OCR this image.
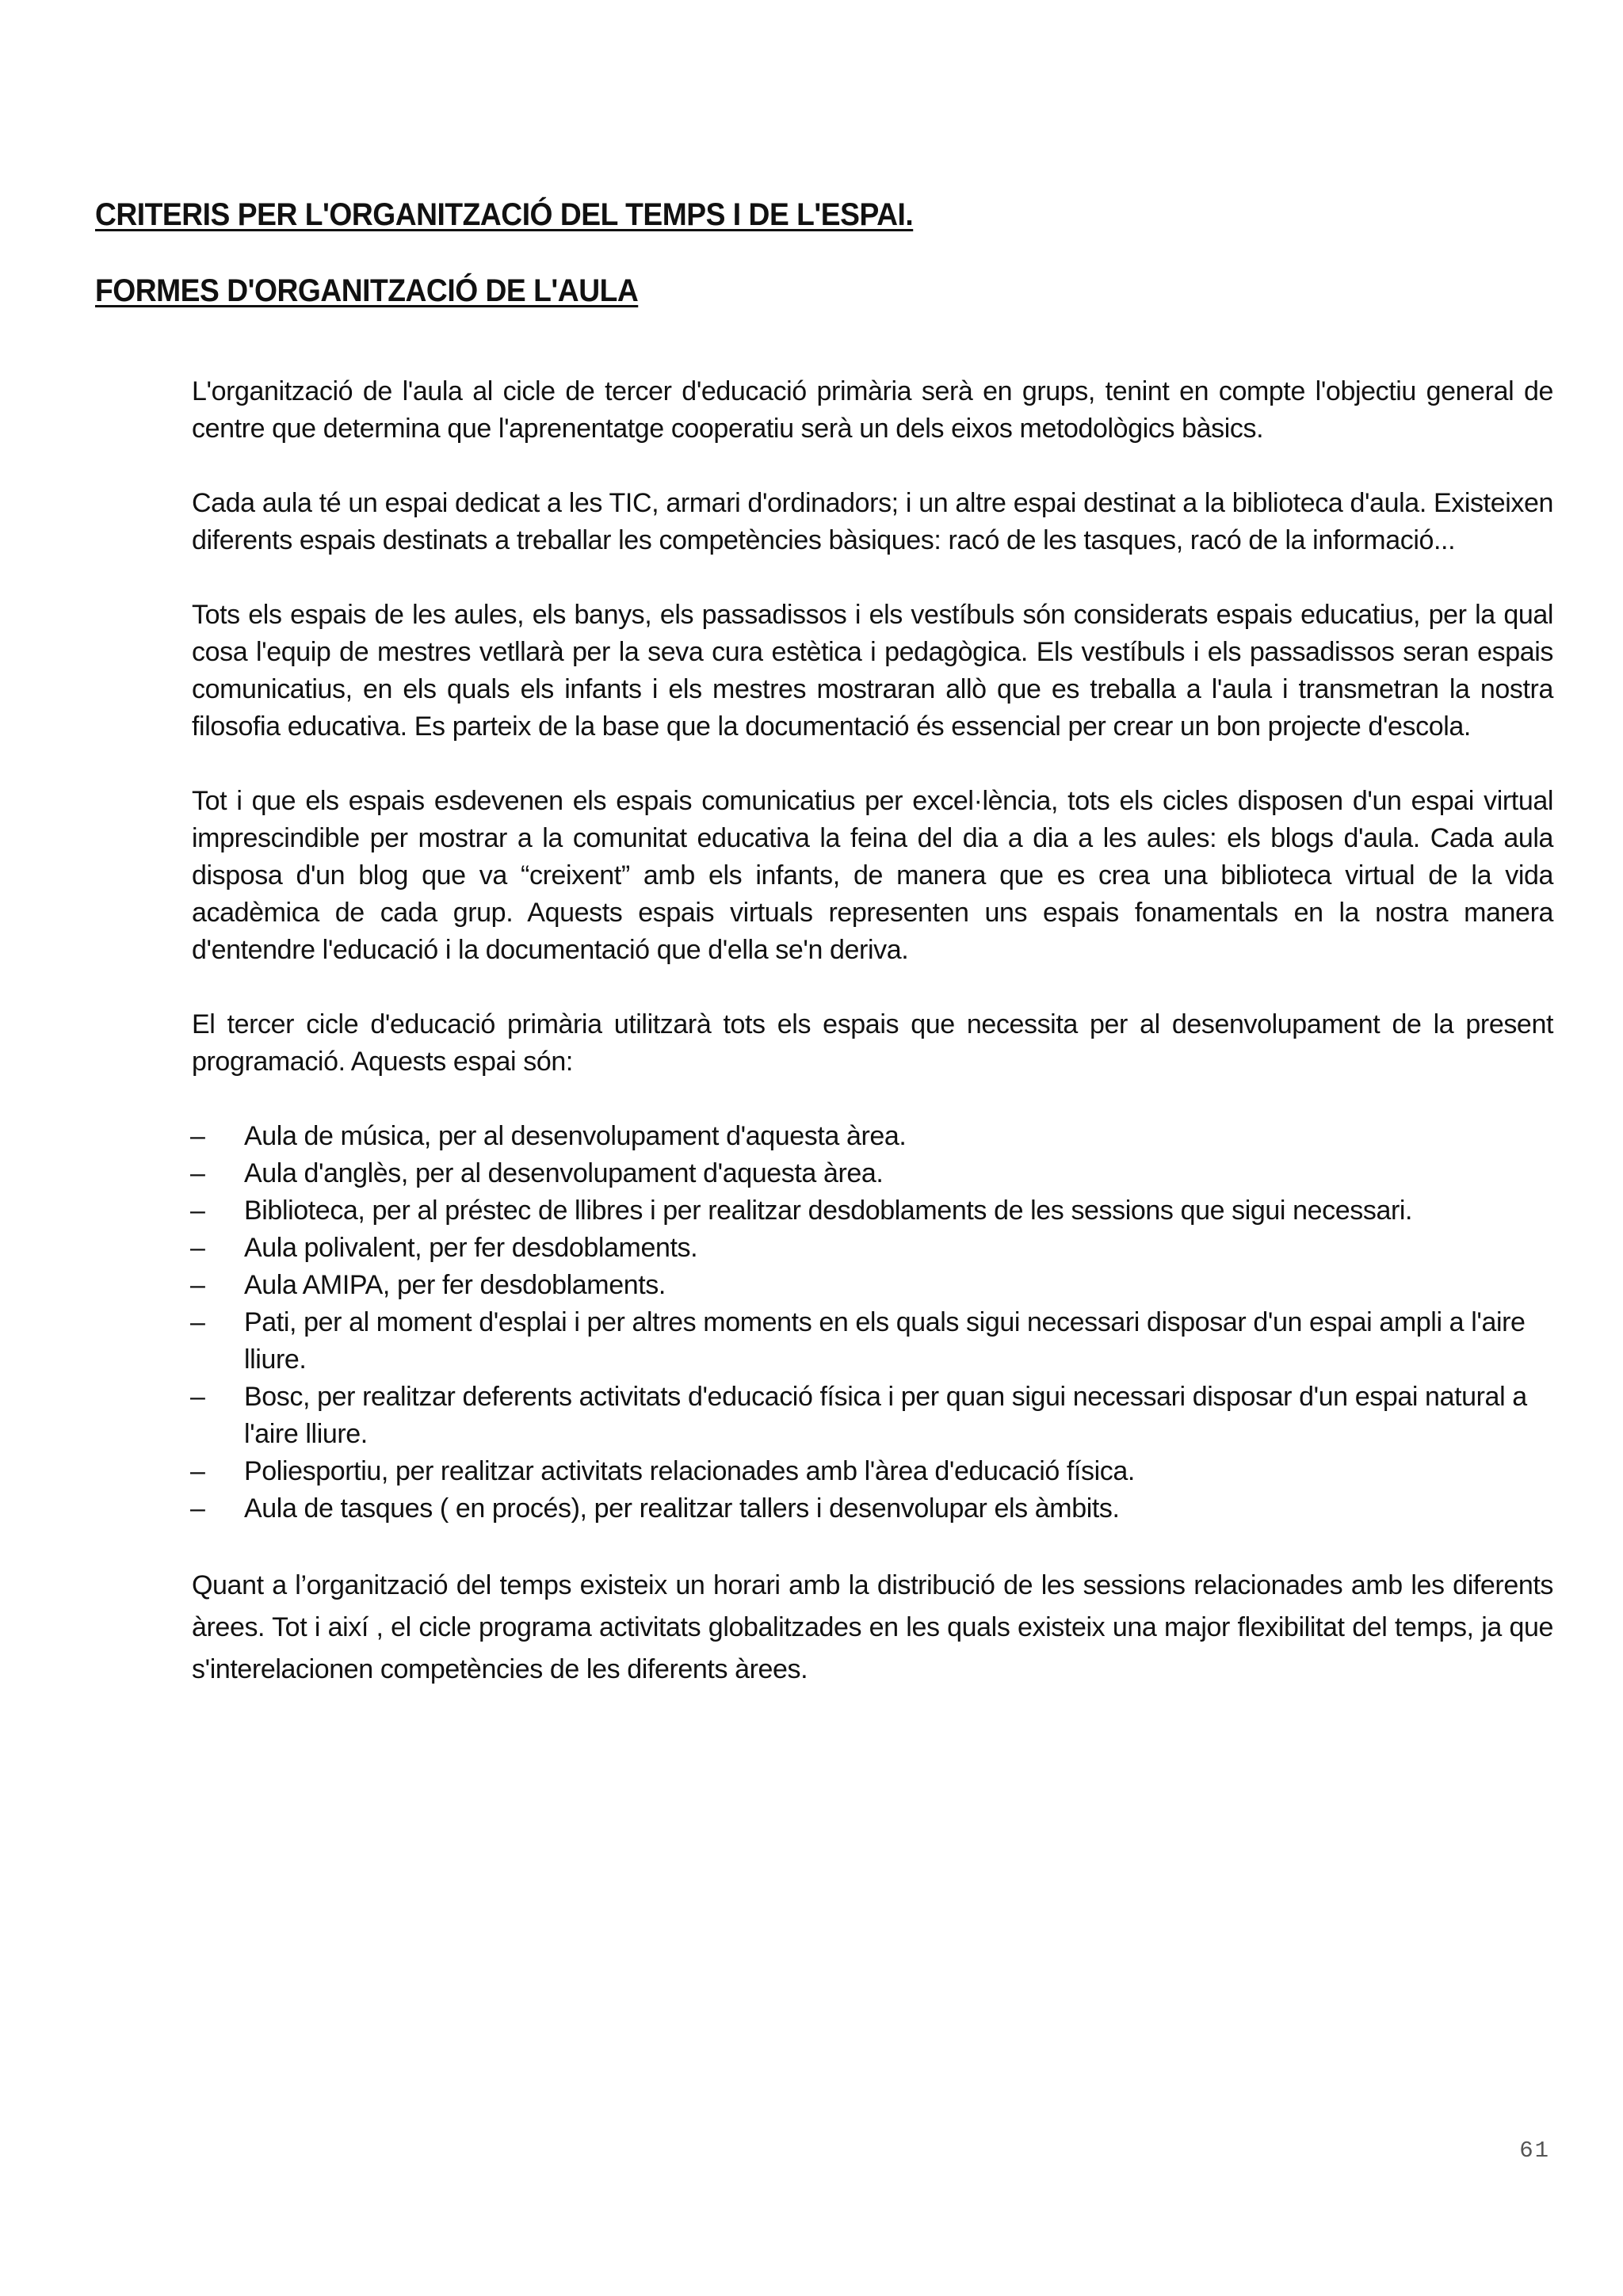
CRITERIS PER L'ORGANITZACIÓ DEL TEMPS I DE L'ESPAI.
FORMES D'ORGANITZACIÓ DE L'AULA

L'organització de l'aula al cicle de tercer d'educació primària serà en grups, tenint en compte l'objectiu general de centre que determina que l'aprenentatge cooperatiu serà un dels eixos metodològics bàsics.

Cada aula té un espai dedicat a les TIC, armari d'ordinadors; i un altre espai destinat a la biblioteca d'aula. Existeixen diferents espais destinats a treballar les competències bàsiques: racó de les tasques, racó de la informació...

Tots els espais de les aules, els banys, els passadissos i els vestíbuls són considerats espais educatius, per la qual cosa l'equip de mestres vetllarà per la seva cura estètica i pedagògica. Els vestíbuls i els passadissos seran espais comunicatius, en els quals els infants i els mestres mostraran allò que es treballa a l'aula i transmetran la nostra filosofia educativa. Es parteix de la base que la documentació és essencial per crear un bon projecte d'escola.

Tot i que els espais esdevenen els espais comunicatius per excel·lència, tots els cicles disposen d'un espai virtual imprescindible per mostrar a la comunitat educativa la feina del dia a dia a les aules: els blogs d'aula. Cada aula disposa d'un blog que va “creixent” amb els infants, de manera que es crea una biblioteca virtual de la vida acadèmica de cada grup. Aquests espais virtuals representen uns espais fonamentals en la nostra manera d'entendre l'educació i la documentació que d'ella se'n deriva.

El tercer cicle d'educació primària utilitzarà tots els espais que necessita per al desenvolupament de la present programació. Aquests espai són:

– Aula de música, per al desenvolupament d'aquesta àrea.
– Aula d'anglès, per al desenvolupament d'aquesta àrea.
– Biblioteca, per al préstec de llibres i per realitzar desdoblaments de les sessions que sigui necessari.
– Aula polivalent, per fer desdoblaments.
– Aula AMIPA, per fer desdoblaments.
– Pati, per al moment d'esplai i per altres moments en els quals sigui necessari disposar d'un espai ampli a l'aire lliure.
– Bosc, per realitzar deferents activitats d'educació física i per quan sigui necessari disposar d'un espai natural a l'aire lliure.
– Poliesportiu, per realitzar activitats relacionades amb l'àrea d'educació física.
– Aula de tasques ( en procés), per realitzar tallers i desenvolupar els àmbits.

Quant a l’organització del temps existeix un horari amb la distribució de les sessions relacionades amb les diferents àrees. Tot i així , el cicle programa activitats globalitzades en les quals existeix una major flexibilitat del temps, ja que s'interelacionen competències de les diferents àrees.

61
